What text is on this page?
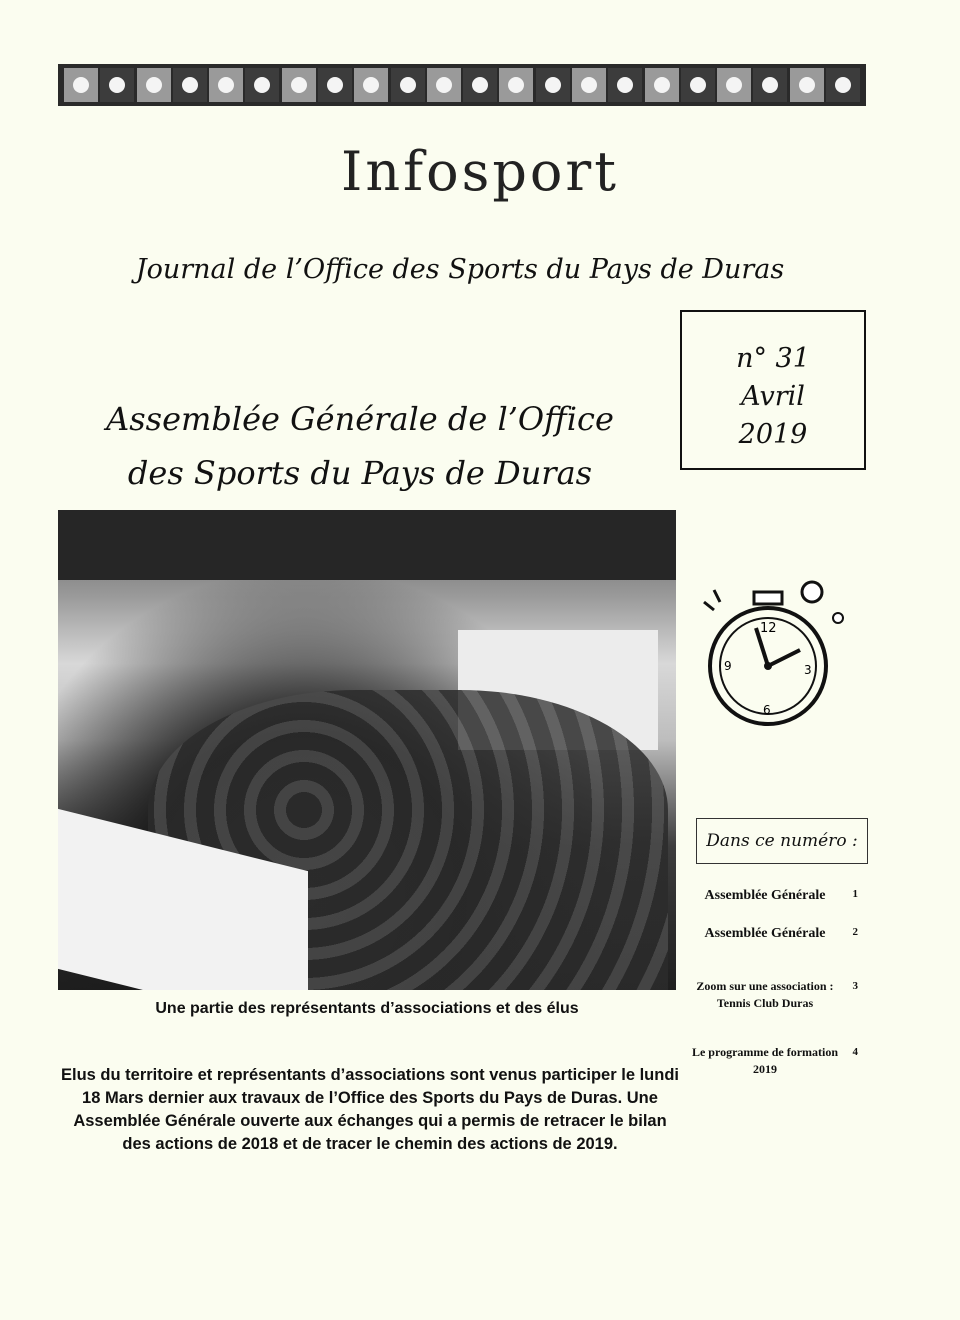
Infosport
Journal de l’Office des Sports du Pays de Duras
n° 31
Avril
2019
Assemblée Générale de l’Office
des Sports du Pays de Duras
Une partie des représentants d’associations et des élus
Elus du territoire et représentants d’associations sont venus participer le lundi 18 Mars dernier aux travaux de l’Office des Sports du Pays de Duras. Une Assemblée Générale ouverte aux échanges qui a permis de retracer le bilan des actions de 2018 et de tracer le chemin des actions de 2019.
12
3
6
9
Dans ce numéro :
Assemblée Générale	1
Assemblée Générale	2
Zoom sur une association : Tennis Club Duras
3
Le programme de formation 2019
4
